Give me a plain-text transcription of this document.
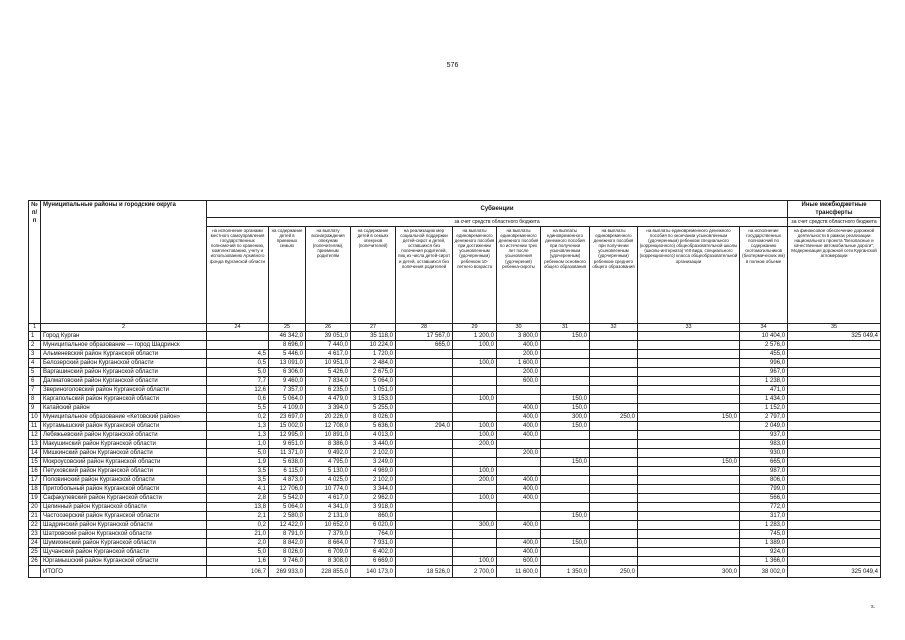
576
№ п/п	Муниципальные районы и городские округа	Субвенции											Иные межбюджетные трансферты
		за счет средств областного бюджета											за счет средств областного бюджета
		на исполнение органами местного самоуправления государственных полномочий по хранению, комплектованию, учету и использованию Архивного фонда Курганской области	на содержание детей в приемных семьях	на выплату вознаграждения опекунам (попечителям), приемным родителям	на содержание детей в семьях опекунов (попечителей)	на реализацию мер социальной поддержки детей-сирот и детей, оставшихся без попечения родителей, лиц из числа детей-сирот и детей, оставшихся без попечения родителей	на выплаты единовременного денежного пособия при достижении усыновленным (удочеренным) ребенком 10-летнего возраста	на выплаты единовременного денежного пособия по истечении трех лет после усыновления (удочерения) ребенка-сироты	на выплаты единовременного денежного пособия при получении усыновленным (удочеренным) ребенком основного общего образования	на выплаты единовременного денежного пособия при получении усыновленным (удочеренным) ребенком среднего общего образования	на выплаты единовременного денежного пособия по окончании усыновленным (удочеренным) ребенком специального (коррекционного) общеобразовательной школы (школы-интерната) VIII вида, специального (коррекционного) класса общеобразовательной организации	на исполнение государственных полномочий по содержанию скотомогильников (биотермических ям) в полном объеме	на финансовое обеспечение дорожной деятельности в рамках реализации национального проекта "Безопасные и качественные автомобильные дороги", Модернизация дорожной сети Курганской агломерации
1	2	24	25	26	27	28	29	30	31	32	33	34	35
1	Город Курган		46 342,0	39 051,0	35 118,0	17 567,0	1 200,0	3 800,0	150,0			10 404,0	325 049,4
2	Муниципальное образование — город Шадринск		8 696,0	7 440,0	10 224,0	665,0	100,0	400,0				2 576,0	
3	Альменевский район Курганской области	4,5	5 446,0	4 617,0	1 720,0			200,0				455,0	
4	Белозерский район Курганской области	0,5	13 091,0	10 951,0	2 484,0		100,0	1 600,0				996,0	
5	Варгашинский район Курганской области	5,0	6 306,0	5 426,0	2 675,0			200,0				967,0	
6	Далматовский район Курганской области	7,7	9 460,0	7 834,0	5 064,0			600,0				1 238,0	
7	Звериноголовский район Курганской области	12,6	7 357,0	6 235,0	1 051,0							471,0	
8	Каргапольский район Курганской области	0,6	5 064,0	4 479,0	3 153,0		100,0		150,0			1 434,0	
9	Катайский район	5,5	4 109,0	3 394,0	5 255,0			400,0	150,0			1 152,0	
10	Муниципальное образование «Кетовский район»	0,2	23 697,0	20 226,0	8 026,0			400,0	300,0	250,0	150,0	2 797,0	
11	Куртамышский район Курганской области	1,3	15 002,0	12 708,0	5 636,0	294,0	100,0	400,0	150,0			2 049,0	
12	Лебяжьевский район Курганской области	1,3	12 995,0	10 891,0	4 013,0		100,0	400,0				937,0	
13	Макушинский район Курганской области	1,0	9 651,0	8 386,0	3 440,0		200,0					983,0	
14	Мишкинский район Курганской области	5,0	11 371,0	9 492,0	2 102,0			200,0				930,0	
15	Мокроусовский район Курганской области	1,9	5 638,0	4 795,0	3 249,0				150,0		150,0	665,0	
16	Петуховский район Курганской области	3,5	6 115,0	5 130,0	4 969,0		100,0					987,0	
17	Половинский район Курганской области	3,5	4 873,0	4 025,0	2 102,0		200,0	400,0				806,0	
18	Притобольный район Курганской области	4,1	12 706,0	10 774,0	3 344,0			400,0				799,0	
19	Сафакулевский район Курганской области	2,8	5 542,0	4 617,0	2 962,0		100,0	400,0				566,0	
20	Целинный район Курганской области	13,8	5 064,0	4 341,0	3 918,0							772,0	
21	Частоозерский район Курганской области	2,1	2 580,0	2 131,0	860,0				150,0			317,0	
22	Шадринский район Курганской области	0,2	12 422,0	10 652,0	6 020,0		300,0	400,0				1 283,0	
23	Шатровский район Курганской области	21,0	8 791,0	7 379,0	764,0							745,0	
24	Шумихинский район Курганской области	2,0	8 842,0	8 664,0	7 931,0			400,0	150,0			1 389,0	
25	Щучанский район Курганской области	5,0	8 026,0	6 709,0	6 402,0			400,0				924,0	
26	Юргамышский район Курганской области	1,6	9 746,0	8 308,0	6 669,0		100,0	600,0				1 366,0	
	ИТОГО	106,7	269 933,0	228 855,0	140 173,0	18 526,0	2 700,0	11 600,0	1 350,0	250,0	300,0	38 002,0	325 049,4
s.
